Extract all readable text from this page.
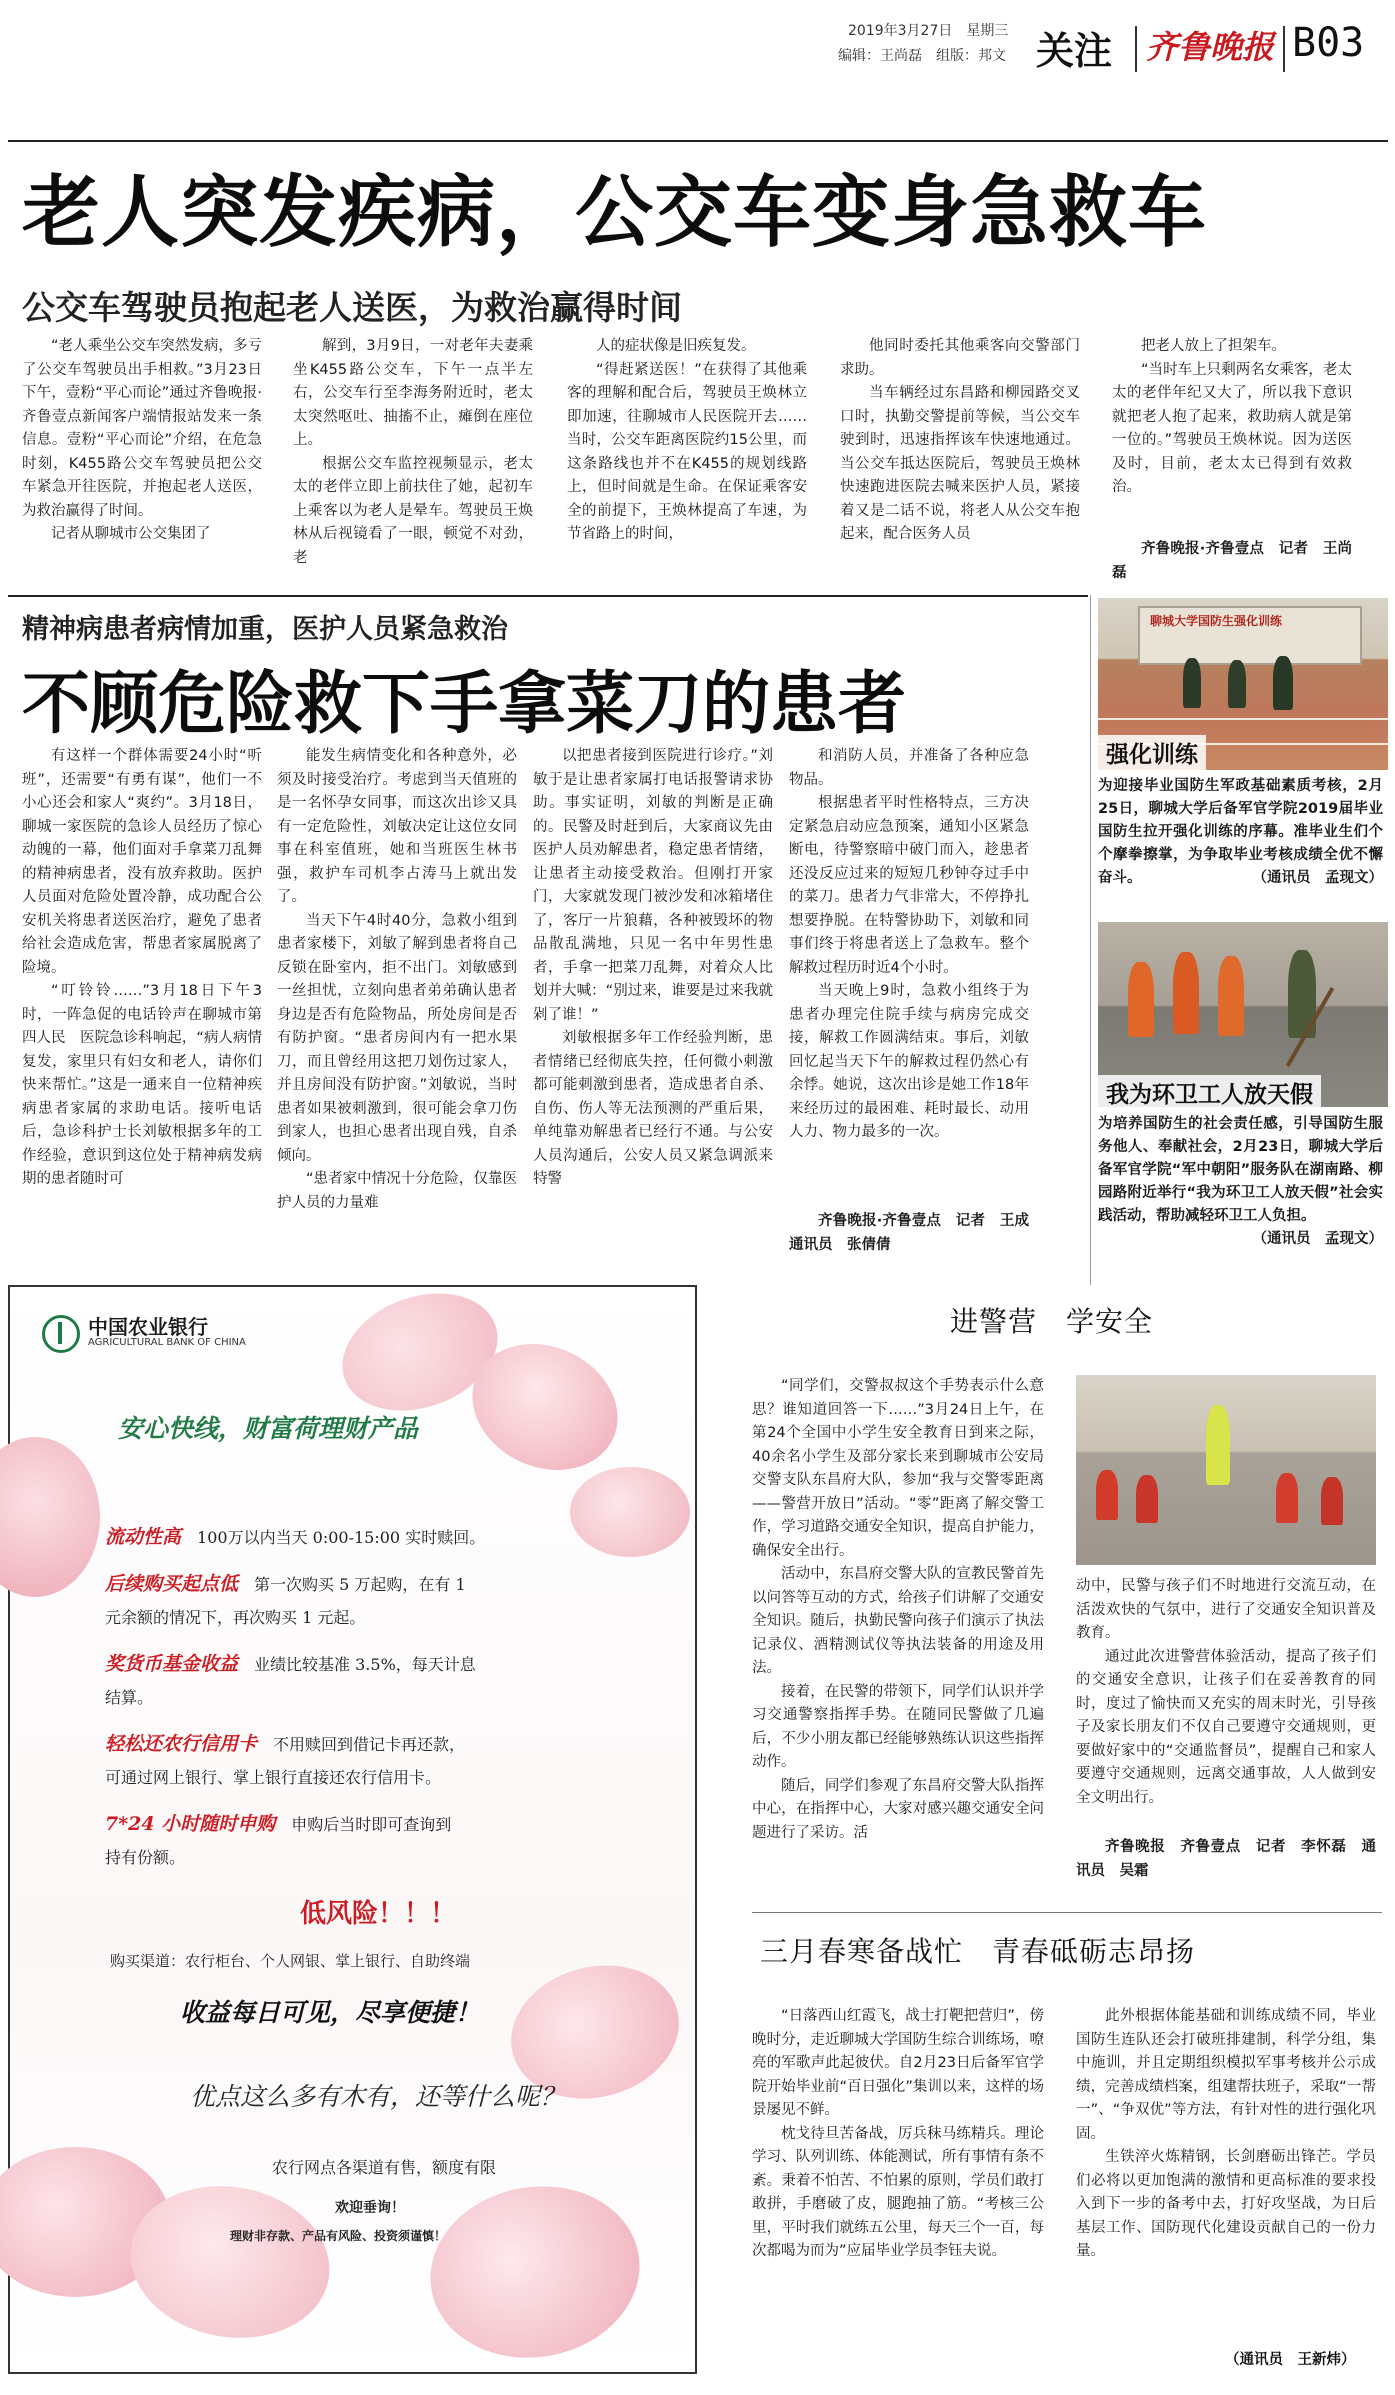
2019年3月27日　星期三
编辑：王尚磊　组版：邦文 关注 齐鲁晚报 B03
老人突发疾病，公交车变身急救车
公交车驾驶员抱起老人送医，为救治赢得时间

“老人乘坐公交车突然发病，多亏了公交车驾驶员出手相救。”3月23日下午，壹粉“平心而论”通过齐鲁晚报·齐鲁壹点新闻客户端情报站发来一条信息。壹粉“平心而论”介绍，在危急时刻，K455路公交车驾驶员把公交车紧急开往医院，并抱起老人送医，为救治赢得了时间。

记者从聊城市公交集团了

解到，3月9日，一对老年夫妻乘坐K455路公交车，下午一点半左右，公交车行至李海务附近时，老太太突然呕吐、抽搐不止，瘫倒在座位上。

根据公交车监控视频显示，老太太的老伴立即上前扶住了她，起初车上乘客以为老人是晕车。驾驶员王焕林从后视镜看了一眼，顿觉不对劲，老

人的症状像是旧疾复发。

“得赶紧送医！”在获得了其他乘客的理解和配合后，驾驶员王焕林立即加速，往聊城市人民医院开去……当时，公交车距离医院约15公里，而这条路线也并不在K455的规划线路上，但时间就是生命。在保证乘客安全的前提下，王焕林提高了车速，为节省路上的时间，

他同时委托其他乘客向交警部门求助。

当车辆经过东昌路和柳园路交叉口时，执勤交警提前等候，当公交车驶到时，迅速指挥该车快速地通过。当公交车抵达医院后，驾驶员王焕林快速跑进医院去喊来医护人员，紧接着又是二话不说，将老人从公交车抱起来，配合医务人员

把老人放上了担架车。

“当时车上只剩两名女乘客，老太太的老伴年纪又大了，所以我下意识就把老人抱了起来，救助病人就是第一位的。”驾驶员王焕林说。因为送医及时，目前，老太太已得到有效救治。

齐鲁晚报·齐鲁壹点　记者　王尚磊

精神病患者病情加重，医护人员紧急救治
不顾危险救下手拿菜刀的患者

有这样一个群体需要24小时“听班”，还需要“有勇有谋”，他们一不小心还会和家人“爽约”。3月18日，聊城一家医院的急诊人员经历了惊心动魄的一幕，他们面对手拿菜刀乱舞的精神病患者，没有放弃救助。医护人员面对危险处置冷静，成功配合公安机关将患者送医治疗，避免了患者给社会造成危害，帮患者家属脱离了险境。

“叮铃铃……”3月18日下午3时，一阵急促的电话铃声在聊城市第四人民　医院急诊科响起，“病人病情复发，家里只有妇女和老人，请你们快来帮忙。”这是一通来自一位精神疾病患者家属的求助电话。接听电话后，急诊科护士长刘敏根据多年的工作经验，意识到这位处于精神病发病期的患者随时可

能发生病情变化和各种意外，必须及时接受治疗。考虑到当天值班的是一名怀孕女同事，而这次出诊又具有一定危险性，刘敏决定让这位女同事在科室值班，她和当班医生林书强，救护车司机李占涛马上就出发了。

当天下午4时40分，急救小组到患者家楼下，刘敏了解到患者将自己反锁在卧室内，拒不出门。刘敏感到一丝担忧，立刻向患者弟弟确认患者身边是否有危险物品，所处房间是否有防护窗。“患者房间内有一把水果刀，而且曾经用这把刀划伤过家人，并且房间没有防护窗。”刘敏说，当时患者如果被刺激到，很可能会拿刀伤到家人，也担心患者出现自残，自杀倾向。

“患者家中情况十分危险，仅靠医护人员的力量难

以把患者接到医院进行诊疗。”刘敏于是让患者家属打电话报警请求协助。事实证明，刘敏的判断是正确的。民警及时赶到后，大家商议先由医护人员劝解患者，稳定患者情绪，让患者主动接受救治。但刚打开家门，大家就发现门被沙发和冰箱堵住了，客厅一片狼藉，各种被毁坏的物品散乱满地，只见一名中年男性患者，手拿一把菜刀乱舞，对着众人比划并大喊：“别过来，谁要是过来我就剁了谁！”

刘敏根据多年工作经验判断，患者情绪已经彻底失控，任何微小刺激都可能刺激到患者，造成患者自杀、自伤、伤人等无法预测的严重后果，单纯靠劝解患者已经行不通。与公安人员沟通后，公安人员又紧急调派来特警

和消防人员，并准备了各种应急物品。

根据患者平时性格特点，三方决定紧急启动应急预案，通知小区紧急断电，待警察暗中破门而入，趁患者还没反应过来的短短几秒钟夺过手中的菜刀。患者力气非常大，不停挣扎想要挣脱。在特警协助下，刘敏和同事们终于将患者送上了急救车。整个解救过程历时近4个小时。

当天晚上9时，急救小组终于为患者办理完住院手续与病房完成交接，解救工作圆满结束。事后，刘敏回忆起当天下午的解救过程仍然心有余悸。她说，这次出诊是她工作18年来经历过的最困难、耗时最长、动用人力、物力最多的一次。

齐鲁晚报·齐鲁壹点　记者　王成　通讯员　张倩倩

聊城大学国防生强化训练
强化训练
为迎接毕业国防生军政基础素质考核，2月25日，聊城大学后备军官学院2019届毕业国防生拉开强化训练的序幕。准毕业生们个个摩拳擦掌，为争取毕业考核成绩全优不懈奋斗。	（通讯员　孟现文）
我为环卫工人放天假
为培养国防生的社会责任感，引导国防生服务他人、奉献社会，2月23日，聊城大学后备军官学院“军中朝阳”服务队在湖南路、柳园路附近举行“我为环卫工人放天假”社会实践活动，帮助减轻环卫工人负担。
（通讯员　孟现文）
中国农业银行
AGRICULTURAL BANK OF CHINA
安心快线，财富荷理财产品
流动性高　 100万以内当天 0:00-15:00 实时赎回。
后续购买起点低　 第一次购买 5 万起购，在有 1
元余额的情况下，再次购买 1 元起。
奖货币基金收益　 业绩比较基准 3.5%，每天计息
结算。
轻松还农行信用卡　 不用赎回到借记卡再还款，
可通过网上银行、掌上银行直接还农行信用卡。
7*24 小时随时申购　 申购后当时即可查询到
持有份额。
低风险！！！
购买渠道：农行柜台、个人网银、掌上银行、自助终端
收益每日可见，尽享便捷！
优点这么多有木有，还等什么呢？
农行网点各渠道有售，额度有限
欢迎垂询！
理财非存款、产品有风险、投资须谨慎！
进警营　学安全

“同学们，交警叔叔这个手势表示什么意思？谁知道回答一下……”3月24日上午，在第24个全国中小学生安全教育日到来之际，40余名小学生及部分家长来到聊城市公安局交警支队东昌府大队，参加“我与交警零距离——警营开放日”活动。“零”距离了解交警工作，学习道路交通安全知识，提高自护能力，确保安全出行。

活动中，东昌府交警大队的宣教民警首先以问答等互动的方式，给孩子们讲解了交通安全知识。随后，执勤民警向孩子们演示了执法记录仪、酒精测试仪等执法装备的用途及用法。

接着，在民警的带领下，同学们认识并学习交通警察指挥手势。在随同民警做了几遍后，不少小朋友都已经能够熟练认识这些指挥动作。

随后，同学们参观了东昌府交警大队指挥中心，在指挥中心，大家对感兴趣交通安全问题进行了采访。活

动中，民警与孩子们不时地进行交流互动，在活泼欢快的气氛中，进行了交通安全知识普及教育。

通过此次进警营体验活动，提高了孩子们的交通安全意识，让孩子们在妥善教育的同时，度过了愉快而又充实的周末时光，引导孩子及家长朋友们不仅自己要遵守交通规则，更要做好家中的“交通监督员”，提醒自己和家人要遵守交通规则，远离交通事故，人人做到安全文明出行。

齐鲁晚报　齐鲁壹点　记者　李怀磊　通讯员　吴霜

三月春寒备战忙　青春砥砺志昂扬

“日落西山红霞飞，战士打靶把营归”，傍晚时分，走近聊城大学国防生综合训练场，嘹亮的军歌声此起彼伏。自2月23日后备军官学院开始毕业前“百日强化”集训以来，这样的场景屡见不鲜。

枕戈待旦苦备战，厉兵秣马练精兵。理论学习、队列训练、体能测试，所有事情有条不紊。秉着不怕苦、不怕累的原则，学员们敢打敢拼，手磨破了皮，腿跑抽了筋。“考核三公里，平时我们就练五公里，每天三个一百，每次都喝为而为”应届毕业学员李钰夫说。

此外根据体能基础和训练成绩不同，毕业国防生连队还会打破班排建制，科学分组，集中施训，并且定期组织模拟军事考核并公示成绩，完善成绩档案，组建帮扶班子，采取“一帮一”、“争双优”等方法，有针对性的进行强化巩固。

生铁淬火炼精钢，长剑磨砺出锋芒。学员们必将以更加饱满的激情和更高标准的要求投入到下一步的备考中去，打好攻坚战，为日后基层工作、国防现代化建设贡献自己的一份力量。

（通讯员　王新炜）
